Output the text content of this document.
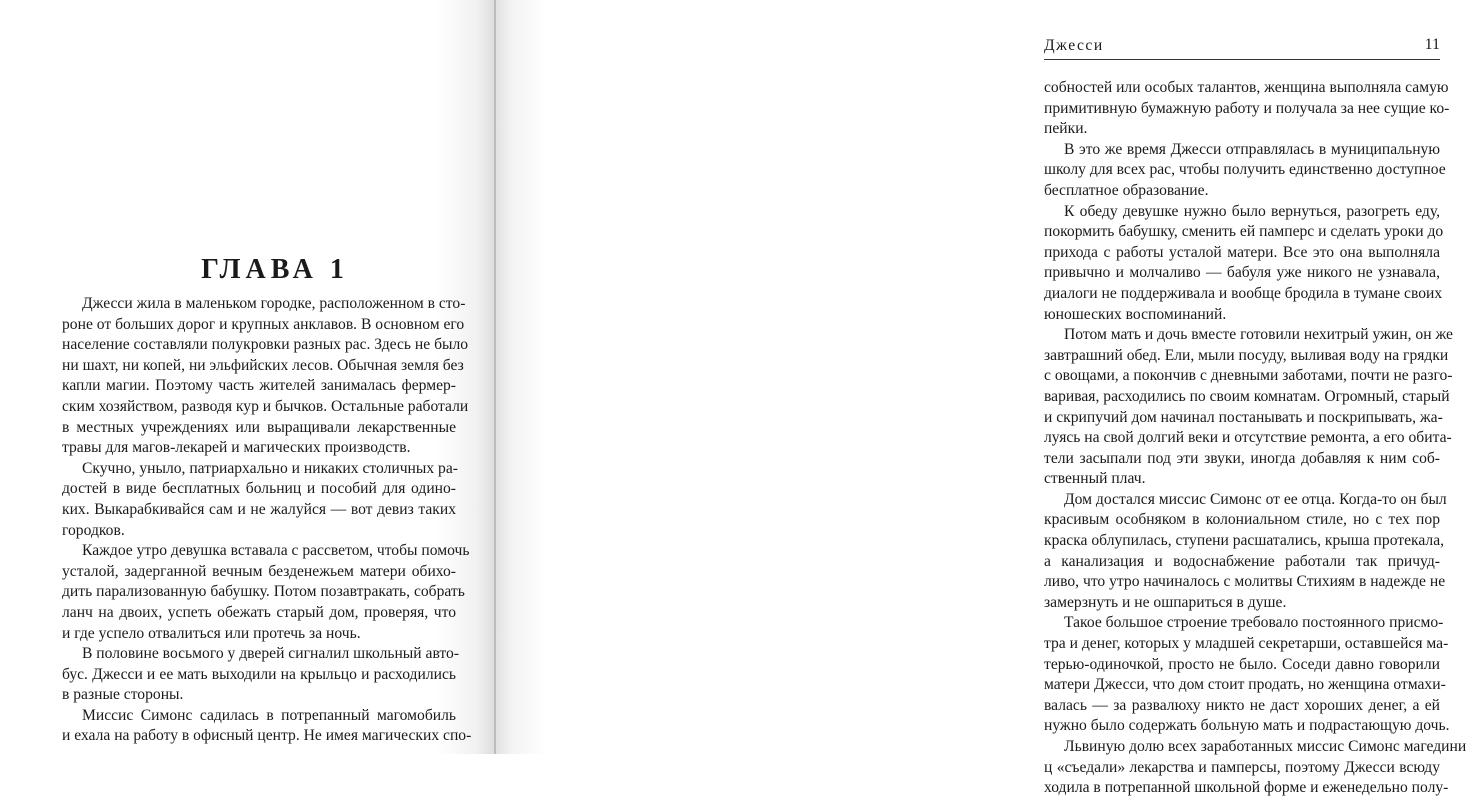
ГЛАВА 1

Джесси жила в маленьком городке, расположенном в сто-
роне от больших дорог и крупных анклавов. В основном его
население составляли полукровки разных рас. Здесь не было
ни шахт, ни копей, ни эльфийских лесов. Обычная земля без
капли магии. Поэтому часть жителей занималась фермер-
ским хозяйством, разводя кур и бычков. Остальные работали
в местных учреждениях или выращивали лекарственные
травы для магов-лекарей и магических производств.

Скучно, уныло, патриархально и никаких столичных ра-
достей в виде бесплатных больниц и пособий для одино-
ких. Выкарабкивайся сам и не жалуйся — вот девиз таких
городков.

Каждое утро девушка вставала с рассветом, чтобы помочь
усталой, задерганной вечным безденежьем матери обихо-
дить парализованную бабушку. Потом позавтракать, собрать
ланч на двоих, успеть обежать старый дом, проверяя, что
и где успело отвалиться или протечь за ночь.

В половине восьмого у дверей сигналил школьный авто-
бус. Джесси и ее мать выходили на крыльцо и расходились
в разные стороны.

Миссис Симонс садилась в потрепанный магомобиль
и ехала на работу в офисный центр. Не имея магических спо-

Джесси	11

собностей или особых талантов, женщина выполняла самую
примитивную бумажную работу и получала за нее сущие ко-
пейки.

В это же время Джесси отправлялась в муниципальную
школу для всех рас, чтобы получить единственно доступное
бесплатное образование.

К обеду девушке нужно было вернуться, разогреть еду,
покормить бабушку, сменить ей памперс и сделать уроки до
прихода с работы усталой матери. Все это она выполняла
привычно и молчаливо — бабуля уже никого не узнавала,
диалоги не поддерживала и вообще бродила в тумане своих
юношеских воспоминаний.

Потом мать и дочь вместе готовили нехитрый ужин, он же
завтрашний обед. Ели, мыли посуду, выливая воду на грядки
с овощами, а покончив с дневными заботами, почти не разго-
варивая, расходились по своим комнатам. Огромный, старый
и скрипучий дом начинал постанывать и поскрипывать, жа-
луясь на свой долгий веки и отсутствие ремонта, а его обита-
тели засыпали под эти звуки, иногда добавляя к ним соб-
ственный плач.

Дом достался миссис Симонс от ее отца. Когда-то он был
красивым особняком в колониальном стиле, но с тех пор
краска облупилась, ступени расшатались, крыша протекала,
а канализация и водоснабжение работали так причуд-
ливо, что утро начиналось с молитвы Стихиям в надежде не
замерзнуть и не ошпариться в душе.

Такое большое строение требовало постоянного присмо-
тра и денег, которых у младшей секретарши, оставшейся ма-
терью-одиночкой, просто не было. Соседи давно говорили
матери Джесси, что дом стоит продать, но женщина отмахи-
валась — за развалюху никто не даст хороших денег, а ей
нужно было содержать больную мать и подрастающую дочь.

Львиную долю всех заработанных миссис Симонс магедини
ц «съедали» лекарства и памперсы, поэтому Джесси всюду
ходила в потрепанной школьной форме и еженедельно полу-
